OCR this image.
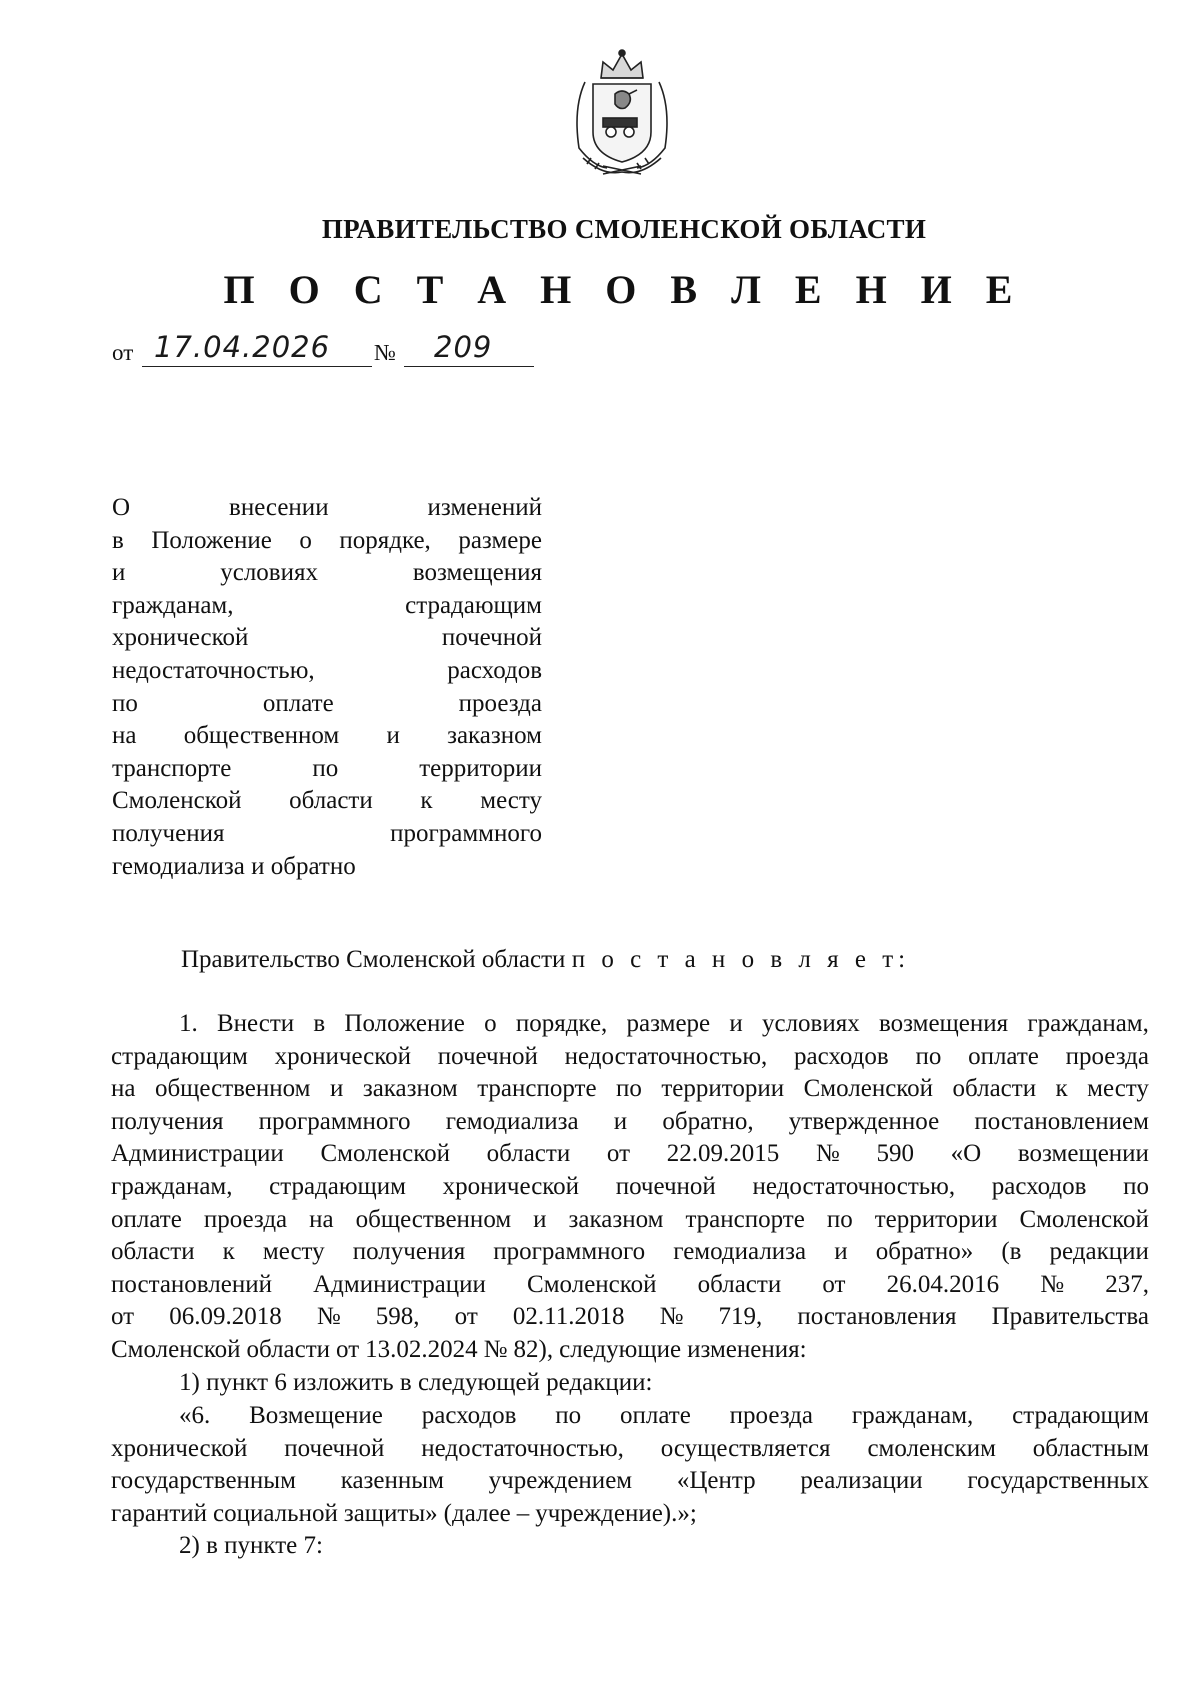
ПРАВИТЕЛЬСТВО СМОЛЕНСКОЙ ОБЛАСТИ
П О С Т А Н О В Л Е Н И Е
от 17.04.2026 № 209
О	внесении	изменений
в Положение о порядке, размере
и	условиях	возмещения
гражданам,	страдающим
хронической	почечной
недостаточностью,	расходов
по	оплате	проезда
на общественном и заказном
транспорте	по	территории
Смоленской области к месту
получения	программного
гемодиализа и обратно
Правительство Смоленской области п о с т а н о в л я е т:
1. Внести в Положение о порядке, размере и условиях возмещения гражданам,
страдающим хронической почечной недостаточностью, расходов по оплате проезда
на общественном и заказном транспорте по территории Смоленской области к месту
получения программного гемодиализа и обратно, утвержденное постановлением
Администрации Смоленской области от 22.09.2015 № 590 «О возмещении
гражданам, страдающим хронической почечной недостаточностью, расходов по
оплате проезда на общественном и заказном транспорте по территории Смоленской
области к месту получения программного гемодиализа и обратно» (в редакции
постановлений Администрации Смоленской области от 26.04.2016 № 237,
от 06.09.2018 № 598, от 02.11.2018 № 719, постановления Правительства
Смоленской области от 13.02.2024 № 82), следующие изменения:
1) пункт 6 изложить в следующей редакции:
«6. Возмещение расходов по оплате проезда гражданам, страдающим
хронической почечной недостаточностью, осуществляется смоленским областным
государственным казенным учреждением «Центр реализации государственных
гарантий социальной защиты» (далее – учреждение).»;
2) в пункте 7:
